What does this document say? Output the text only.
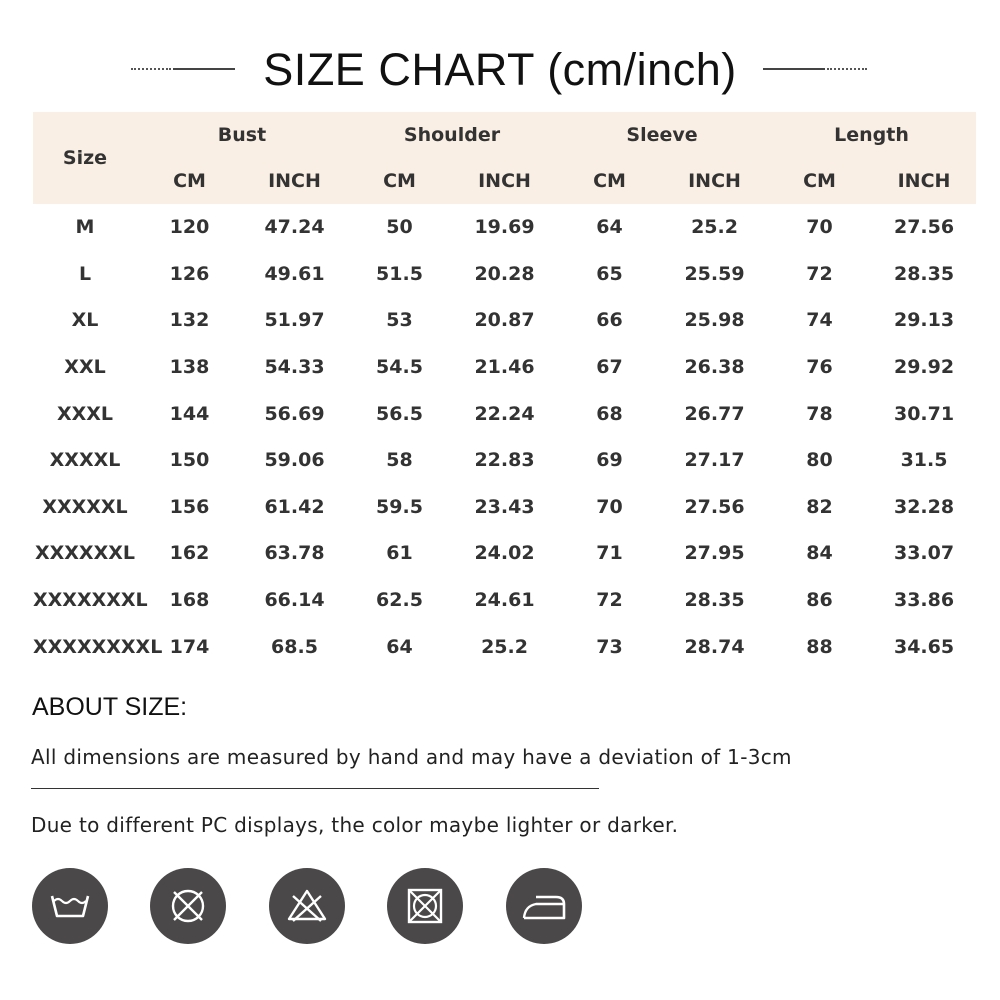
SIZE CHART (cm/inch)
Size	Bust		Shoulder		Sleeve		Length	
	CM	INCH	CM	INCH	CM	INCH	CM	INCH
M	120	47.24	50	19.69	64	25.2	70	27.56
L	126	49.61	51.5	20.28	65	25.59	72	28.35
XL	132	51.97	53	20.87	66	25.98	74	29.13
XXL	138	54.33	54.5	21.46	67	26.38	76	29.92
XXXL	144	56.69	56.5	22.24	68	26.77	78	30.71
XXXXL	150	59.06	58	22.83	69	27.17	80	31.5
XXXXXL	156	61.42	59.5	23.43	70	27.56	82	32.28
XXXXXXL	162	63.78	61	24.02	71	27.95	84	33.07
XXXXXXXL	168	66.14	62.5	24.61	72	28.35	86	33.86
XXXXXXXXL	174	68.5	64	25.2	73	28.74	88	34.65
ABOUT SIZE:
All dimensions are measured by hand and may have a deviation of 1-3cm
Due to different PC displays, the color maybe lighter or darker.
